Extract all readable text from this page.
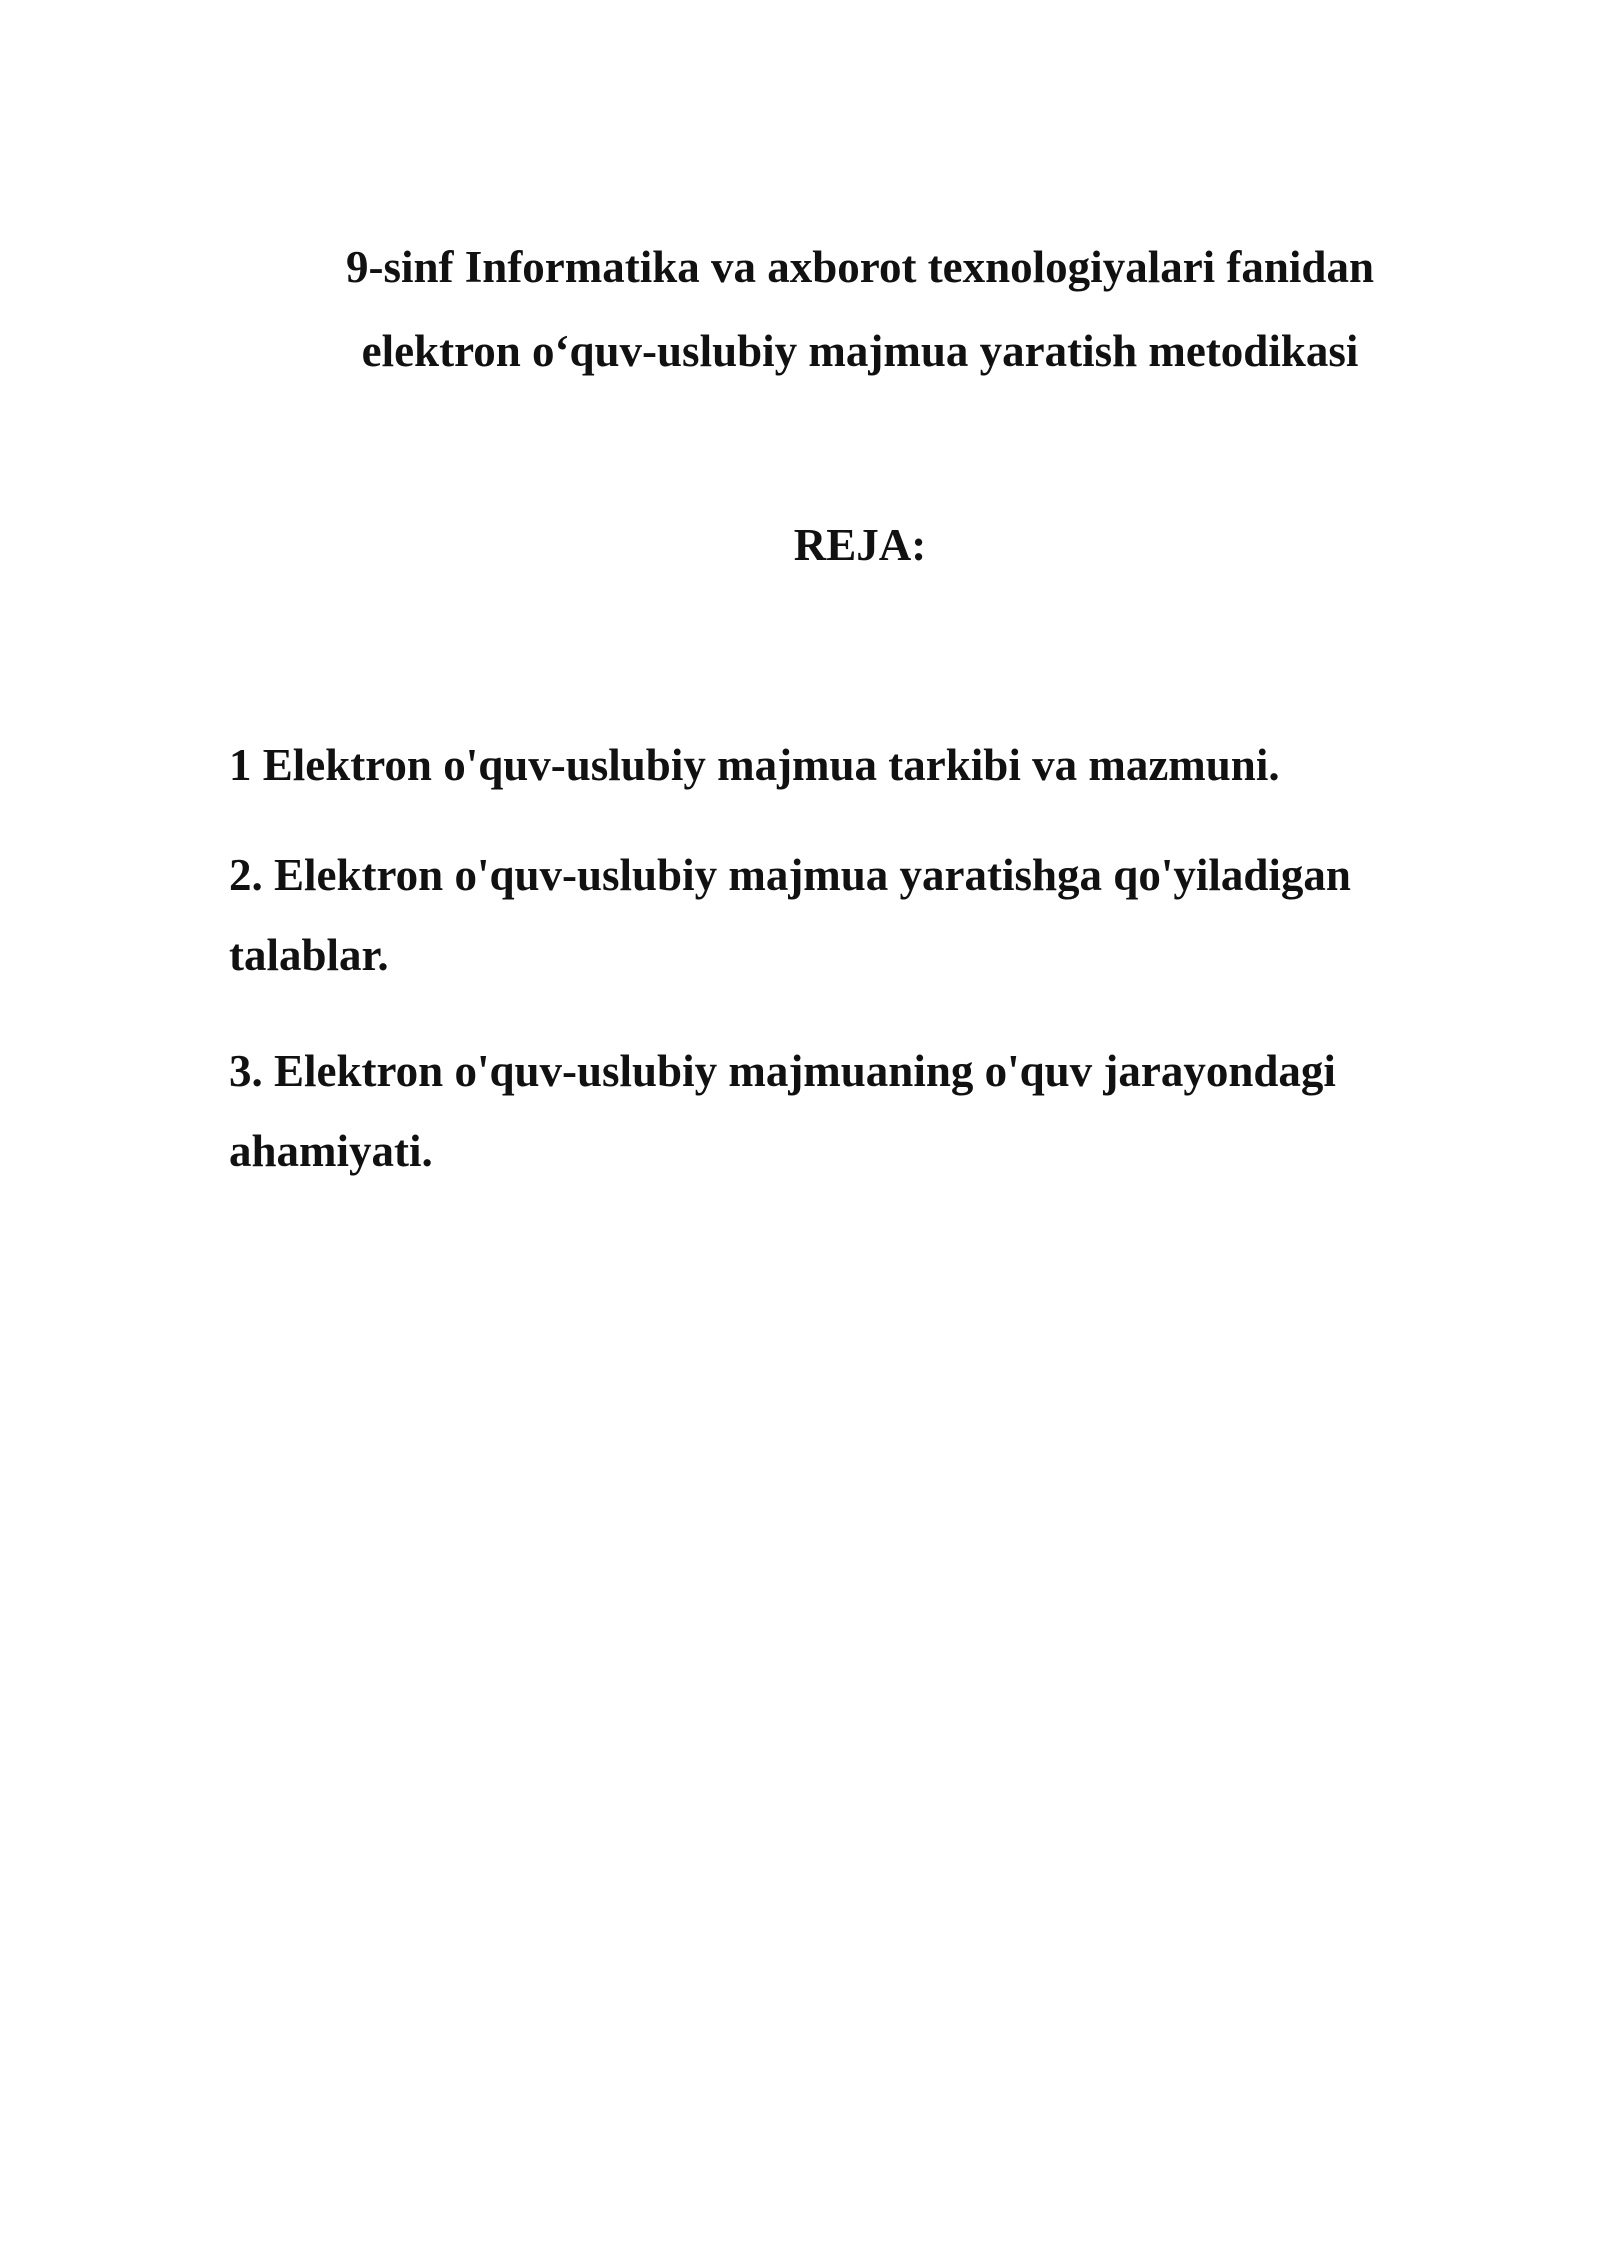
9-sinf Informatika va axborot texnologiyalari fanidan
elektron o‘quv-uslubiy majmua yaratish metodikasi
REJA:
1 Elektron o'quv-uslubiy majmua tarkibi va mazmuni.
2. Elektron o'quv-uslubiy majmua yaratishga qo'yiladigan
talablar.
3. Elektron o'quv-uslubiy majmuaning o'quv jarayondagi
ahamiyati.
